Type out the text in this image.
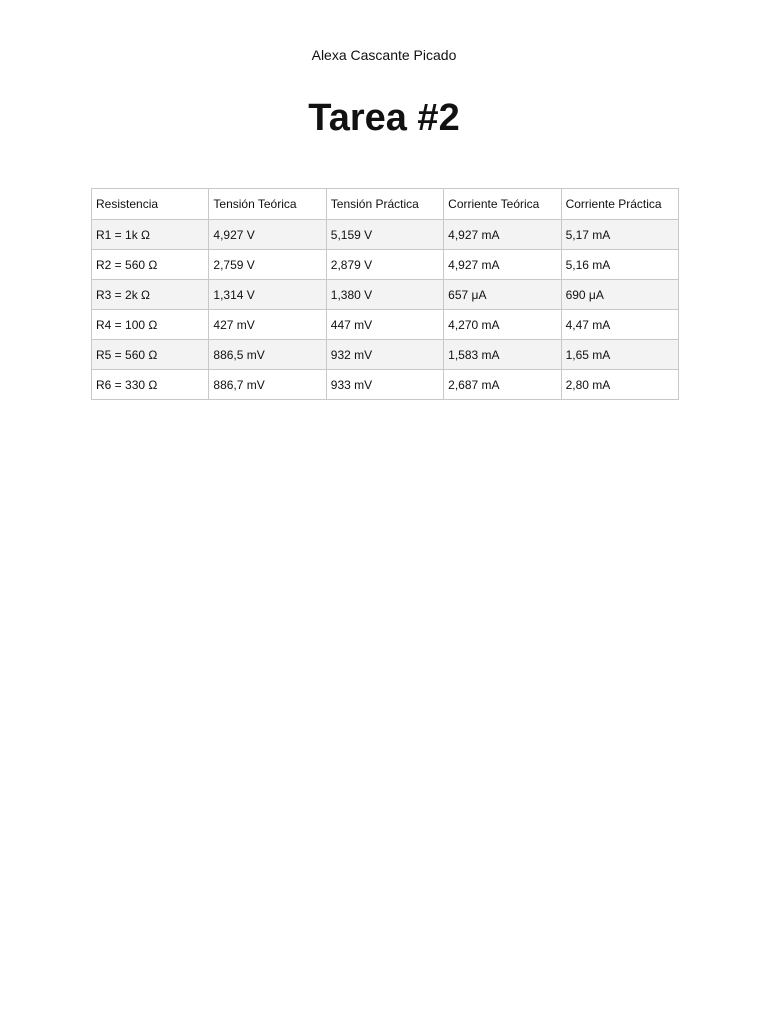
Alexa Cascante Picado
Tarea #2
Resistencia	Tensión Teórica	Tensión Práctica	Corriente Teórica	Corriente Práctica
R1 = 1k Ω	4,927 V	5,159 V	4,927 mA	5,17 mA
R2 = 560 Ω	2,759 V	2,879 V	4,927 mA	5,16 mA
R3 = 2k Ω	1,314 V	1,380 V	657 μA	690 μA
R4 = 100 Ω	427 mV	447 mV	4,270 mA	4,47 mA
R5 = 560 Ω	886,5 mV	932 mV	1,583 mA	1,65 mA
R6 = 330 Ω	886,7 mV	933 mV	2,687 mA	2,80 mA
